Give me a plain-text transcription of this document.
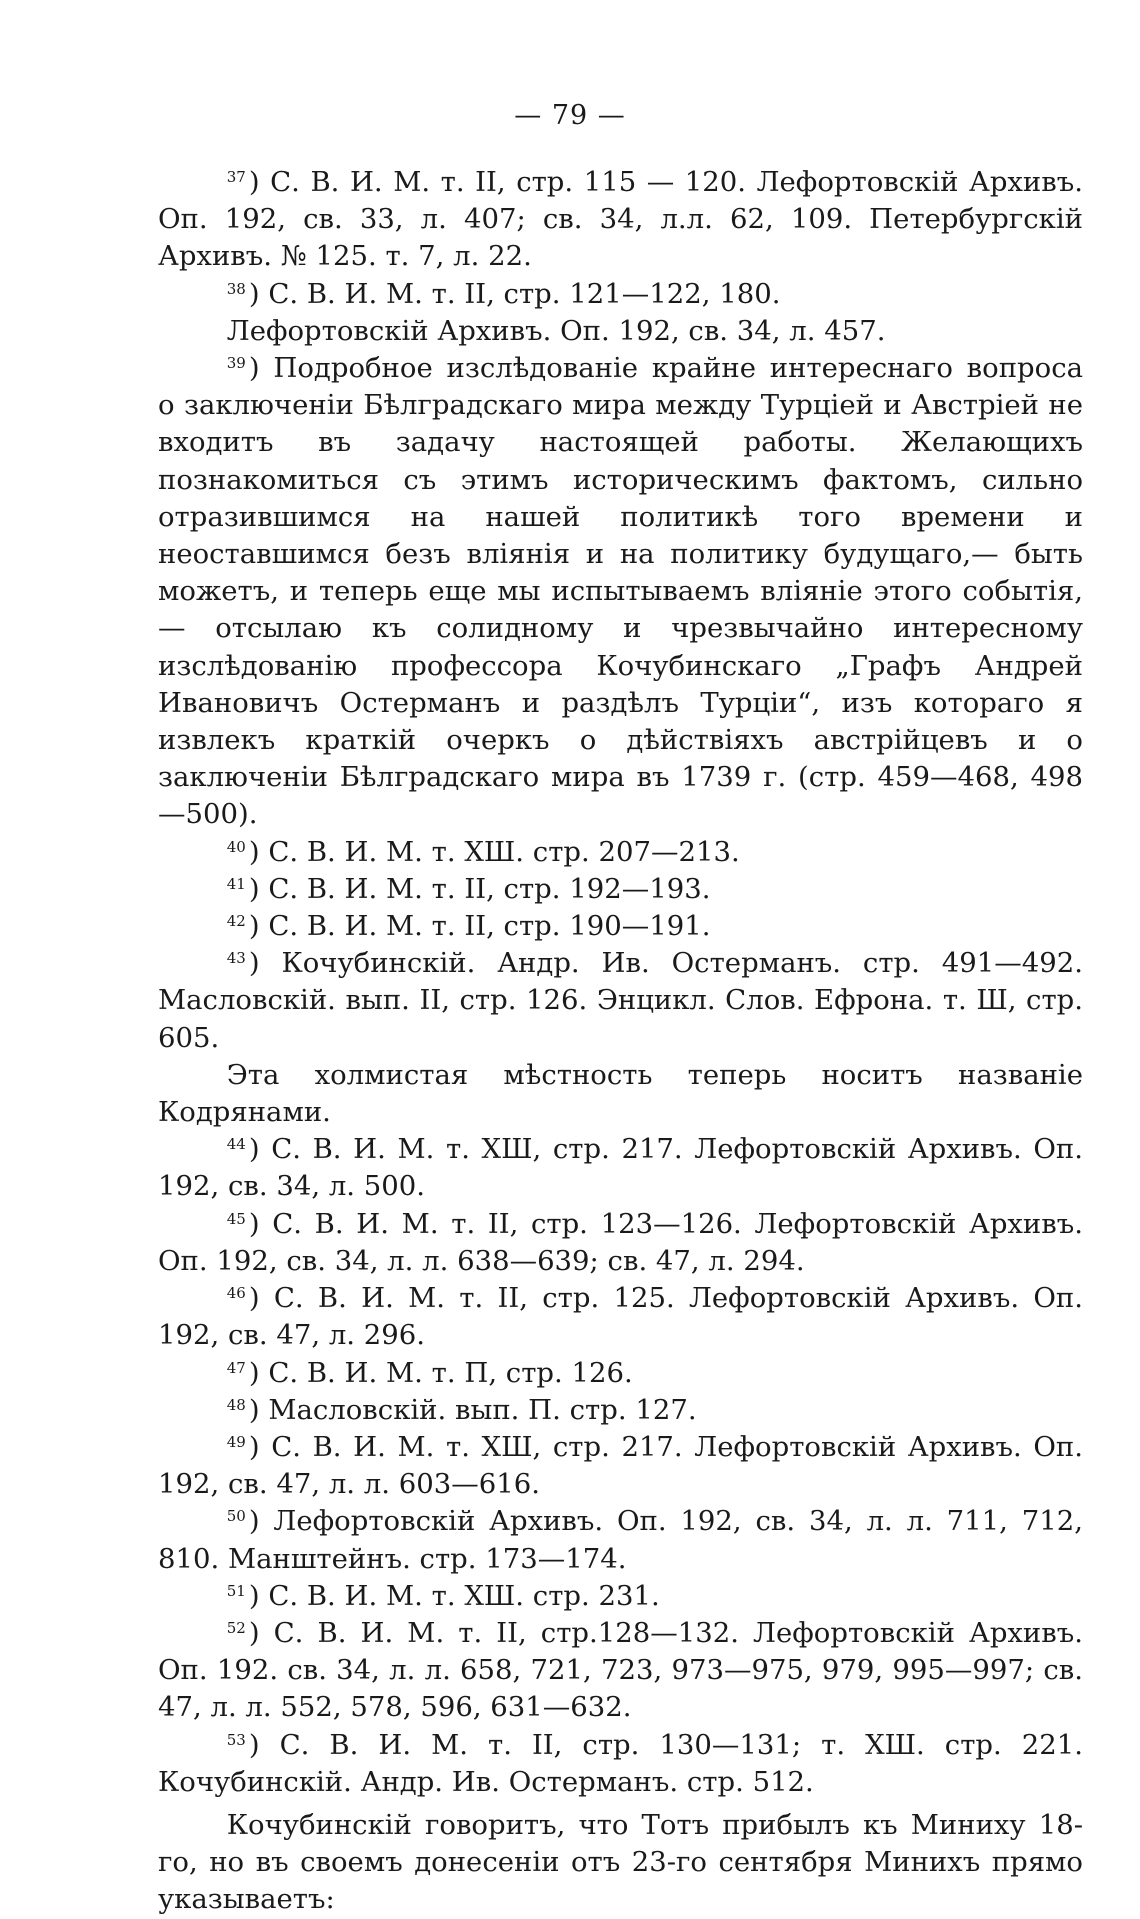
— 79 —

$^{37}$ ) С. В. И. М. т. II, стр. 115 — 120. Лефортовскій Архивъ. Оп. 192, св. 33, л. 407; св. 34, л.л. 62, 109. Петербургскій Архивъ. № 125. т. 7, л. 22.

$^{38}$ ) С. В. И. М. т. II, стр. 121—122, 180.

Лефортовскій Архивъ. Оп. 192, св. 34, л. 457.

$^{39}$ ) Подробное изслѣдованіе крайне интереснаго вопроса о заключеніи Бѣлградскаго мира между Турціей и Австріей не входитъ въ задачу настоящей работы. Желающихъ познакомиться съ этимъ историческимъ фактомъ, сильно отразившимся на нашей политикѣ того времени и неоставшимся безъ вліянія и на политику будущаго,— быть можетъ, и теперь еще мы испытываемъ вліяніе этого событія,— отсылаю къ солидному и чрезвычайно интересному изслѣдованію профессора Кочубинскаго „Графъ Андрей Ивановичъ Остерманъ и раздѣлъ Турціи“, изъ котораго я извлекъ краткій очеркъ о дѣйствіяхъ австрійцевъ и о заключеніи Бѣлградскаго мира въ 1739 г. (стр. 459—468, 498—500).

$^{40}$ ) С. В. И. М. т. ХШ. стр. 207—213.

$^{41}$ ) С. В. И. М. т. II, стр. 192—193.

$^{42}$ ) С. В. И. М. т. II, стр. 190—191.

$^{43}$ ) Кочубинскій. Андр. Ив. Остерманъ. стр. 491—492. Масловскій. вып. II, стр. 126. Энцикл. Слов. Ефрона. т. Ш, стр. 605.

Эта холмистая мѣстность теперь носитъ названіе Кодрянами.

$^{44}$ ) С. В. И. М. т. ХШ, стр. 217. Лефортовскій Архивъ. Оп. 192, св. 34, л. 500.

$^{45}$ ) С. В. И. М. т. II, стр. 123—126. Лефортовскій Архивъ. Оп. 192, св. 34, л. л. 638—639; св. 47, л. 294.

$^{46}$ ) С. В. И. М. т. II, стр. 125. Лефортовскій Архивъ. Оп. 192, св. 47, л. 296.

$^{47}$ ) С. В. И. М. т. П, стр. 126.

$^{48}$ ) Масловскій. вып. П. стр. 127.

$^{49}$ ) С. В. И. М. т. ХШ, стр. 217. Лефортовскій Архивъ. Оп. 192, св. 47, л. л. 603—616.

$^{50}$ ) Лефортовскій Архивъ. Оп. 192, св. 34, л. л. 711, 712, 810. Манштейнъ. стр. 173—174.

$^{51}$ ) С. В. И. М. т. ХШ. стр. 231.

$^{52}$ ) С. В. И. М. т. II, стр.128—132. Лефортовскій Архивъ. Оп. 192. св. 34, л. л. 658, 721, 723, 973—975, 979, 995—997; св. 47, л. л. 552, 578, 596, 631—632.

$^{53}$ ) С. В. И. М. т. II, стр. 130—131; т. ХШ. стр. 221. Кочубинскій. Андр. Ив. Остерманъ. стр. 512.

Кочубинскій говоритъ, что Тотъ прибылъ къ Миниху 18-го, но въ своемъ донесеніи отъ 23-го сентября Минихъ прямо указываетъ:
